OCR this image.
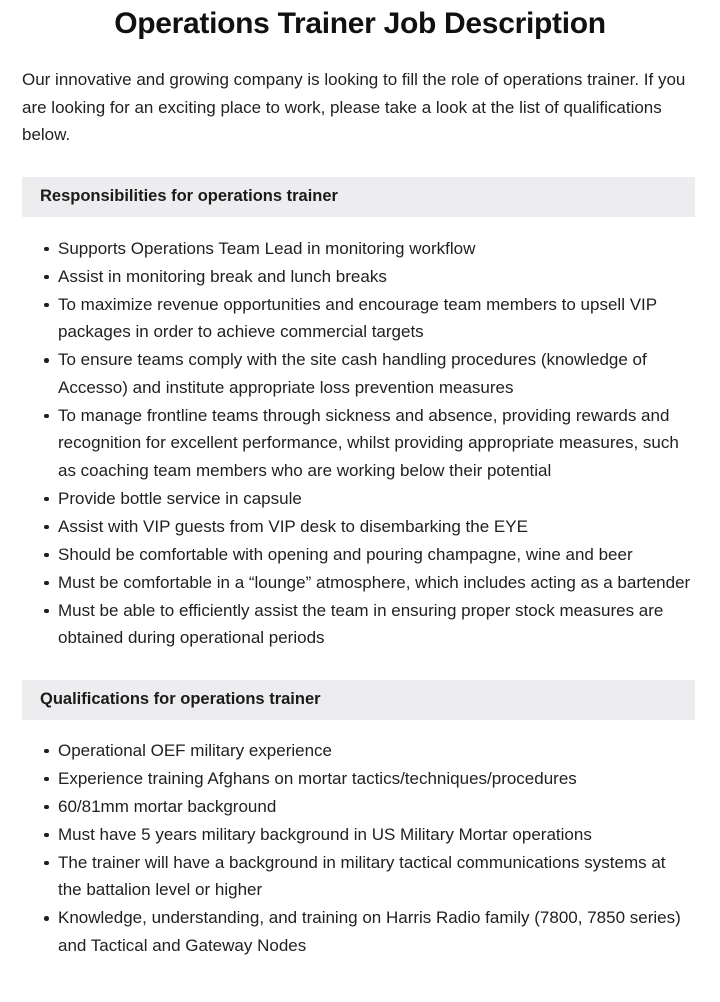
Operations Trainer Job Description

Our innovative and growing company is looking to fill the role of operations trainer. If you are looking for an exciting place to work, please take a look at the list of qualifications below.

Responsibilities for operations trainer
Supports Operations Team Lead in monitoring workflow
Assist in monitoring break and lunch breaks
To maximize revenue opportunities and encourage team members to upsell VIP packages in order to achieve commercial targets
To ensure teams comply with the site cash handling procedures (knowledge of Accesso) and institute appropriate loss prevention measures
To manage frontline teams through sickness and absence, providing rewards and recognition for excellent performance, whilst providing appropriate measures, such as coaching team members who are working below their potential
Provide bottle service in capsule
Assist with VIP guests from VIP desk to disembarking the EYE
Should be comfortable with opening and pouring champagne, wine and beer
Must be comfortable in a “lounge” atmosphere, which includes acting as a bartender
Must be able to efficiently assist the team in ensuring proper stock measures are obtained during operational periods
Qualifications for operations trainer
Operational OEF military experience
Experience training Afghans on mortar tactics/techniques/procedures
60/81mm mortar background
Must have 5 years military background in US Military Mortar operations
The trainer will have a background in military tactical communications systems at the battalion level or higher
Knowledge, understanding, and training on Harris Radio family (7800, 7850 series) and Tactical and Gateway Nodes
